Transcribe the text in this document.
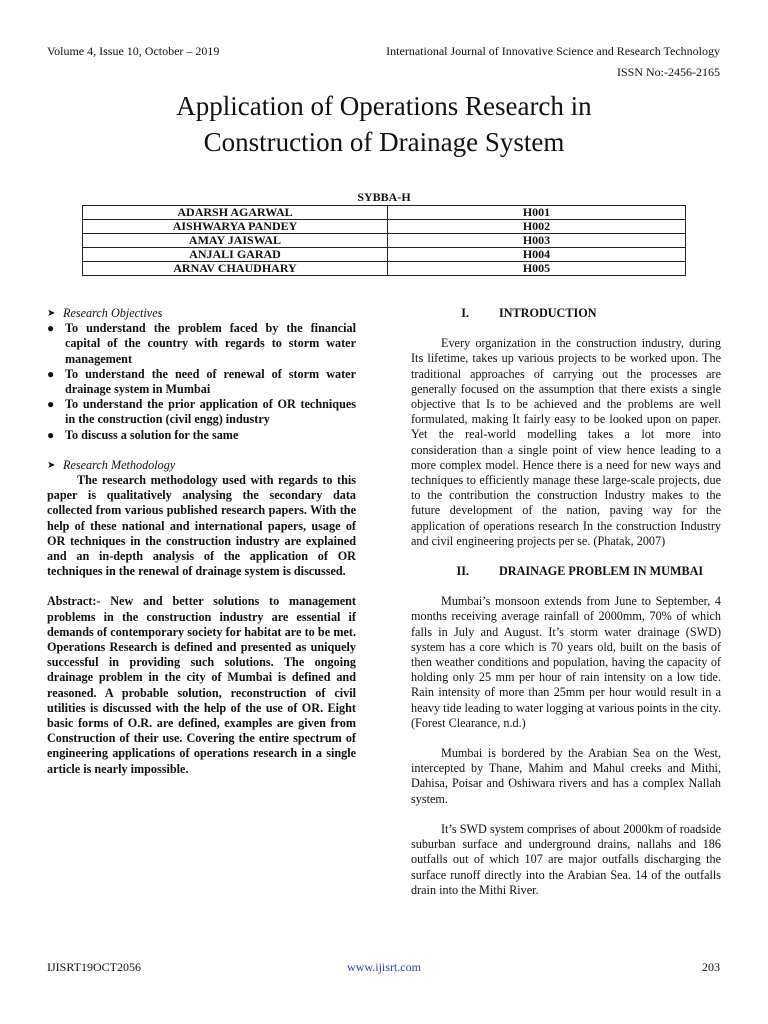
Volume 4, Issue 10, October – 2019	International Journal of Innovative Science and Research Technology
ISSN No:-2456-2165
Application of Operations Research in
Construction of Drainage System
SYBBA-H
ADARSH AGARWAL	H001
AISHWARYA PANDEY	H002
AMAY JAISWAL	H003
ANJALI GARAD	H004
ARNAV CHAUDHARY	H005
➤ Research Objectives
● To understand the problem faced by the financial capital of the country with regards to storm water management
● To understand the need of renewal of storm water drainage system in Mumbai
● To understand the prior application of OR techniques in the construction (civil engg) industry
● To discuss a solution for the same
➤ Research Methodology

The research methodology used with regards to this paper is qualitatively analysing the secondary data collected from various published research papers. With the help of these national and international papers, usage of OR techniques in the construction industry are explained and an in-depth analysis of the application of OR techniques in the renewal of drainage system is discussed.

Abstract:- New and better solutions to management problems in the construction industry are essential if demands of contemporary society for habitat are to be met. Operations Research is defined and presented as uniquely successful in providing such solutions. The ongoing drainage problem in the city of Mumbai is defined and reasoned. A probable solution, reconstruction of civil utilities is discussed with the help of the use of OR. Eight basic forms of O.R. are defined, examples are given from Construction of their use. Covering the entire spectrum of engineering applications of operations research in a single article is nearly impossible.

I.	INTRODUCTION

Every organization in the construction industry, during Its lifetime, takes up various projects to be worked upon. The traditional approaches of carrying out the processes are generally focused on the assumption that there exists a single objective that Is to be achieved and the problems are well formulated, making It fairly easy to be looked upon on paper. Yet the real-world modelling takes a lot more into consideration than a single point of view hence leading to a more complex model. Hence there is a need for new ways and techniques to efficiently manage these large-scale projects, due to the contribution the construction Industry makes to the future development of the nation, paving way for the application of operations research In the construction Industry and civil engineering projects per se. (Phatak, 2007)

II.	DRAINAGE PROBLEM IN MUMBAI

Mumbai’s monsoon extends from June to September, 4 months receiving average rainfall of 2000mm, 70% of which falls in July and August. It’s storm water drainage (SWD) system has a core which is 70 years old, built on the basis of then weather conditions and population, having the capacity of holding only 25 mm per hour of rain intensity on a low tide. Rain intensity of more than 25mm per hour would result in a heavy tide leading to water logging at various points in the city. (Forest Clearance, n.d.)

Mumbai is bordered by the Arabian Sea on the West, intercepted by Thane, Mahim and Mahul creeks and Mithi, Dahisa, Poisar and Oshiwara rivers and has a complex Nallah system.

It’s SWD system comprises of about 2000km of roadside suburban surface and underground drains, nallahs and 186 outfalls out of which 107 are major outfalls discharging the surface runoff directly into the Arabian Sea. 14 of the outfalls drain into the Mithi River.

IJISRT19OCT2056	www.ijisrt.com	203
